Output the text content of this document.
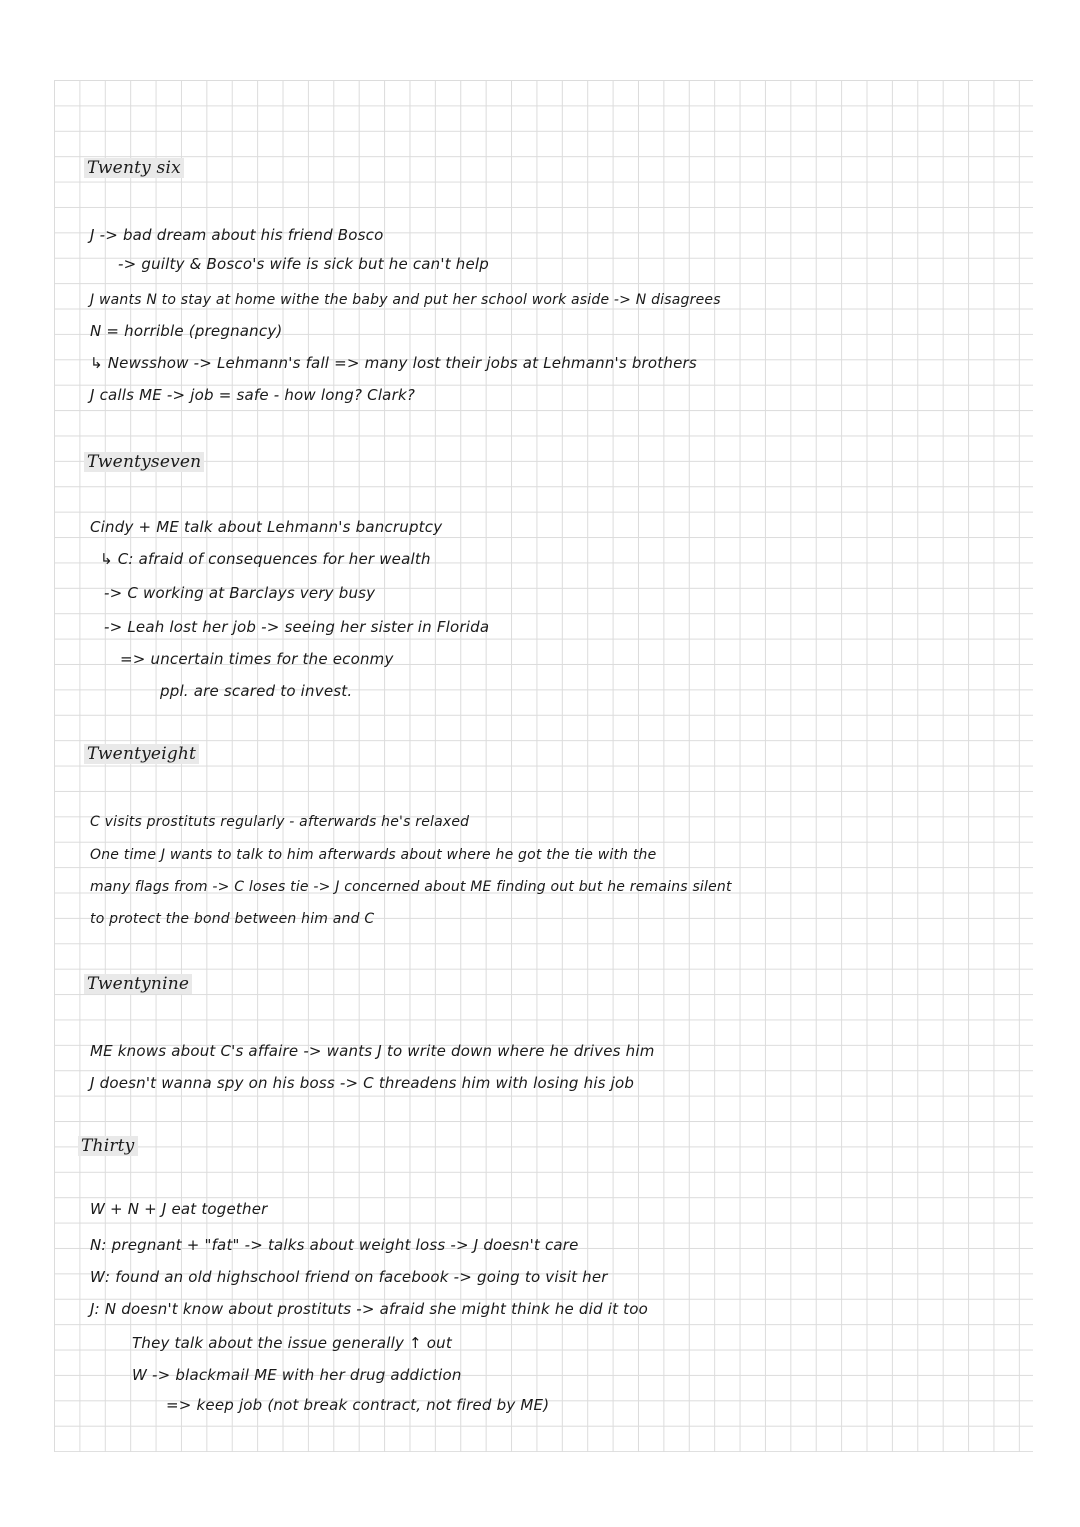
Twenty six
J -> bad dream about his friend Bosco
-> guilty & Bosco's wife is sick but he can't help
J wants N to stay at home withe the baby and put her school work aside -> N disagrees
N = horrible (pregnancy)
↳ Newsshow -> Lehmann's fall => many lost their jobs at Lehmann's brothers
J calls ME -> job = safe - how long? Clark?
Twentyseven
Cindy + ME talk about Lehmann's bancruptcy
↳ C: afraid of consequences for her wealth
-> C working at Barclays very busy
-> Leah lost her job -> seeing her sister in Florida
=> uncertain times for the econmy
ppl. are scared to invest.
Twentyeight
C visits prostituts regularly - afterwards he's relaxed
One time J wants to talk to him afterwards about where he got the tie with the
many flags from -> C loses tie -> J concerned about ME finding out but he remains silent
to protect the bond between him and C
Twentynine
ME knows about C's affaire -> wants J to write down where he drives him
J doesn't wanna spy on his boss -> C threadens him with losing his job
Thirty
W + N + J eat together
N: pregnant + "fat" -> talks about weight loss -> J doesn't care
W: found an old highschool friend on facebook -> going to visit her
J: N doesn't know about prostituts -> afraid she might think he did it too
They talk about the issue generally ↑ out
W -> blackmail ME with her drug addiction
=> keep job (not break contract, not fired by ME)
